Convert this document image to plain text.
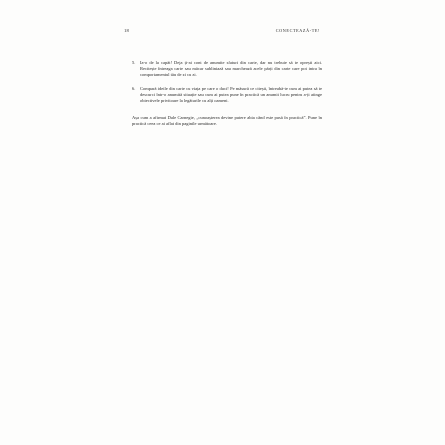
18	CONECTEAZĂ-TE!
5. Ia-o de la capăt! Deja ți-ai cont de anumite sfaturi din carte, dar nu trebuie să te oprești aici. Recitește întreaga carte sau măcar subliniază sau marchează acele părți din carte care pot intra în comportamentul tău de zi cu zi.
6. Compară ideile din carte cu viața pe care o duci! Pe măsură ce citești, întreabă-te cum ai putea să te descurci într-o anumită situație sau cum ai putea pune în practică un anumit lucru pentru a-ți atinge obiectivele privitoare la legăturile cu alți oameni.

Așa cum a afirmat Dale Carnegie, „cunoașterea devine putere abia când este pusă în practică”. Pune în practică ceea ce ai aflat din paginile următoare.
